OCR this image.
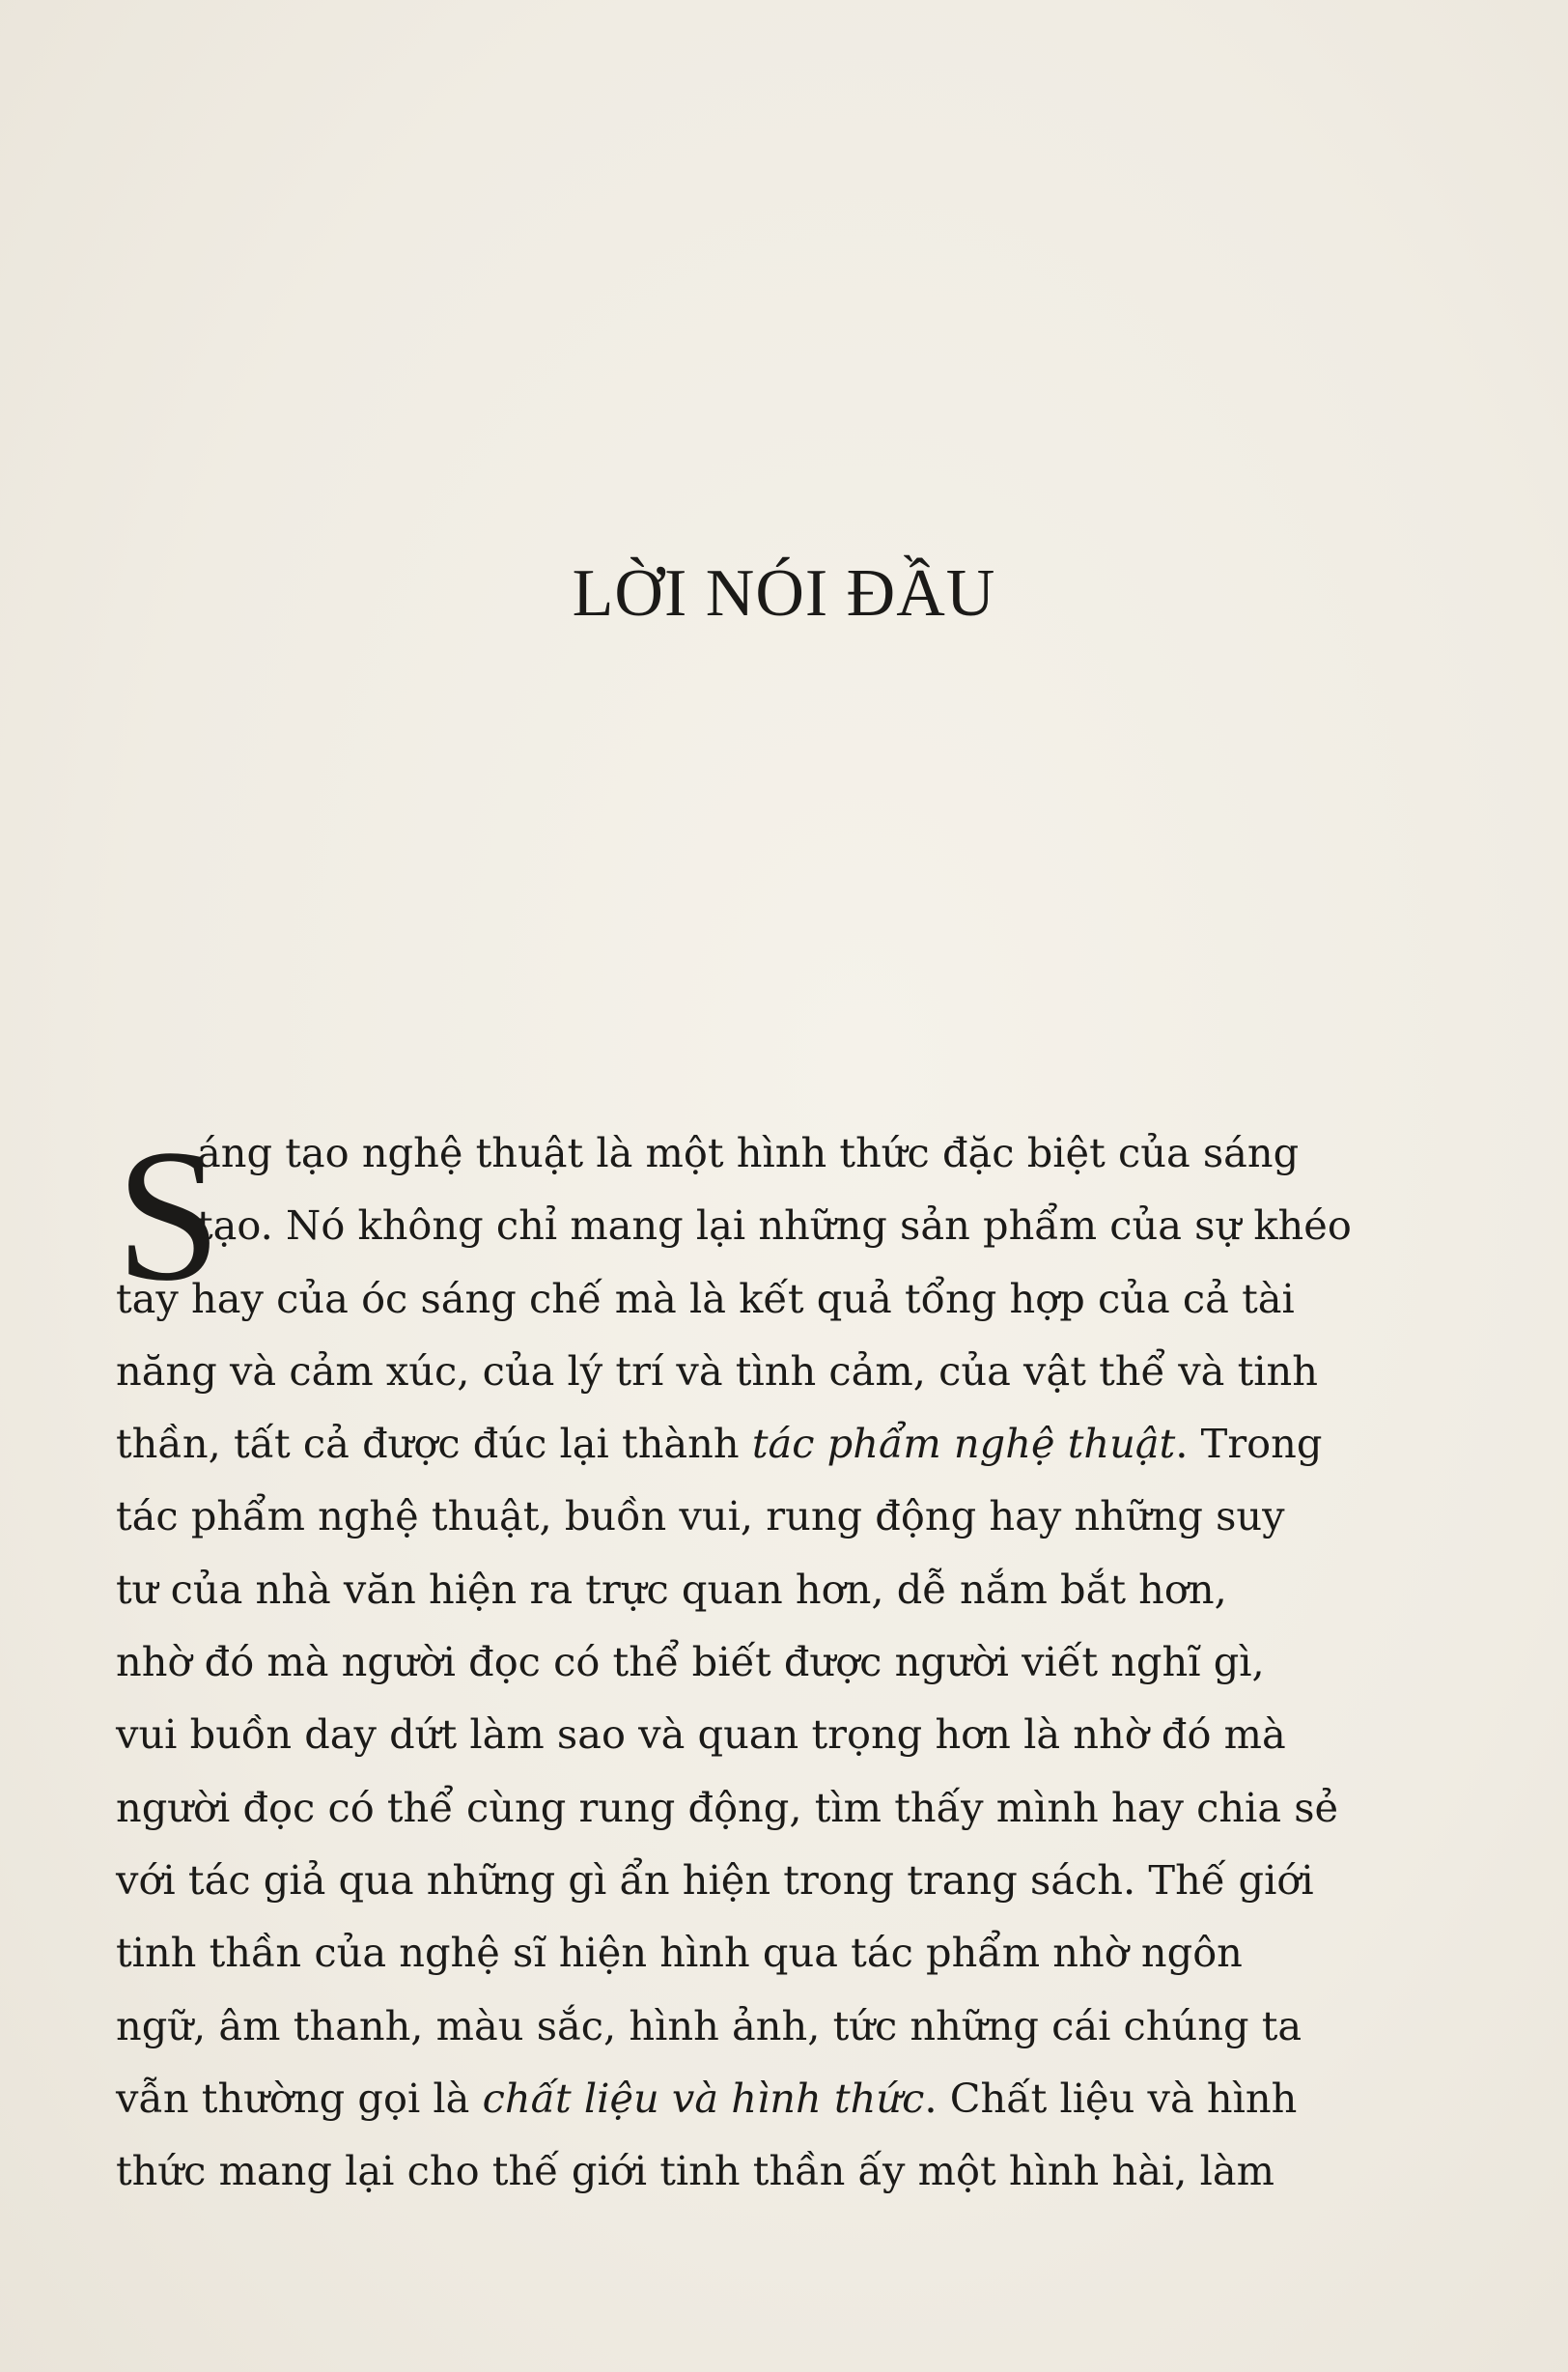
LỜI NÓI ĐẦU
S
áng tạo nghệ thuật là một hình thức đặc biệt của sáng
tạo. Nó không chỉ mang lại những sản phẩm của sự khéo
tay hay của óc sáng chế mà là kết quả tổng hợp của cả tài
năng và cảm xúc, của lý trí và tình cảm, của vật thể và tinh
thần, tất cả được đúc lại thành tác phẩm nghệ thuật. Trong
tác phẩm nghệ thuật, buồn vui, rung động hay những suy
tư của nhà văn hiện ra trực quan hơn, dễ nắm bắt hơn,
nhờ đó mà người đọc có thể biết được người viết nghĩ gì,
vui buồn day dứt làm sao và quan trọng hơn là nhờ đó mà
người đọc có thể cùng rung động, tìm thấy mình hay chia sẻ
với tác giả qua những gì ẩn hiện trong trang sách. Thế giới
tinh thần của nghệ sĩ hiện hình qua tác phẩm nhờ ngôn
ngữ, âm thanh, màu sắc, hình ảnh, tức những cái chúng ta
vẫn thường gọi là chất liệu và hình thức. Chất liệu và hình
thức mang lại cho thế giới tinh thần ấy một hình hài, làm
